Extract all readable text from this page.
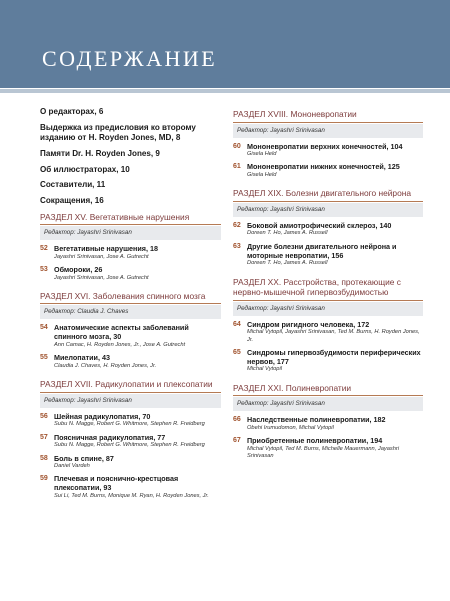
СОДЕРЖАНИЕ
О редакторах, 6
Выдержка из предисловия ко второму изданию от H. Royden Jones, MD, 8
Памяти Dr. H. Royden Jones, 9
Об иллюстраторах, 10
Составители, 11
Сокращения, 16
РАЗДЕЛ XV. Вегетативные нарушения
Редактор: Jayashri Srinivasan
52 Вегетативные нарушения, 18
Jayashri Srinivasan, Jose A. Gutrecht
53 Обмороки, 26
Jayashri Srinivasan, Jose A. Gutrecht
РАЗДЕЛ XVI. Заболевания спинного мозга
Редактор: Claudia J. Chaves
54 Анатомические аспекты заболеваний спинного мозга, 30
Ann Camac, H. Royden Jones, Jr., Jose A. Gutrecht
55 Миелопатии, 43
Claudia J. Chaves, H. Royden Jones, Jr.
РАЗДЕЛ XVII. Радикулопатии и плексопатии
Редактор: Jayashri Srinivasan
56 Шейная радикулопатия, 70
Subu N. Magge, Robert G. Whitmore, Stephen R. Freidberg
57 Поясничная радикулопатия, 77
Subu N. Magge, Robert G. Whitmore, Stephen R. Freidberg
58 Боль в спине, 87
Daniel Vardeh
59 Плечевая и пояснично-крестцовая плексопатии, 93
Sui Li, Ted M. Burns, Monique M. Ryan, H. Royden Jones, Jr.
РАЗДЕЛ XVIII. Мононевропатии
Редактор: Jayashri Srinivasan
60 Мононевропатии верхних конечностей, 104
Gisela Held
61 Мононевропатии нижних конечностей, 125
Gisela Held
РАЗДЕЛ XIX. Болезни двигательного нейрона
Редактор: Jayashri Srinivasan
62 Боковой амиотрофический склероз, 140
Doreen T. Ho, James A. Russell
63 Другие болезни двигательного нейрона и моторные невропатии, 156
Doreen T. Ho, James A. Russell
РАЗДЕЛ XX. Расстройства, протекающие с нервно-мышечной гипервозбудимостью
Редактор: Jayashri Srinivasan
64 Синдром ригидного человека, 172
Michal Vytopil, Jayashri Srinivasan, Ted M. Burns, H. Royden Jones, Jr.
65 Синдромы гипервозбудимости периферических нервов, 177
Michal Vytopil
РАЗДЕЛ XXI. Полиневропатии
Редактор: Jayashri Srinivasan
66 Наследственные полиневропатии, 182
Obehi Irumudomon, Michal Vytopil
67 Приобретенные полиневропатии, 194
Michal Vytopil, Ted M. Burns, Michelle Mauermann, Jayashri Srinivasan
